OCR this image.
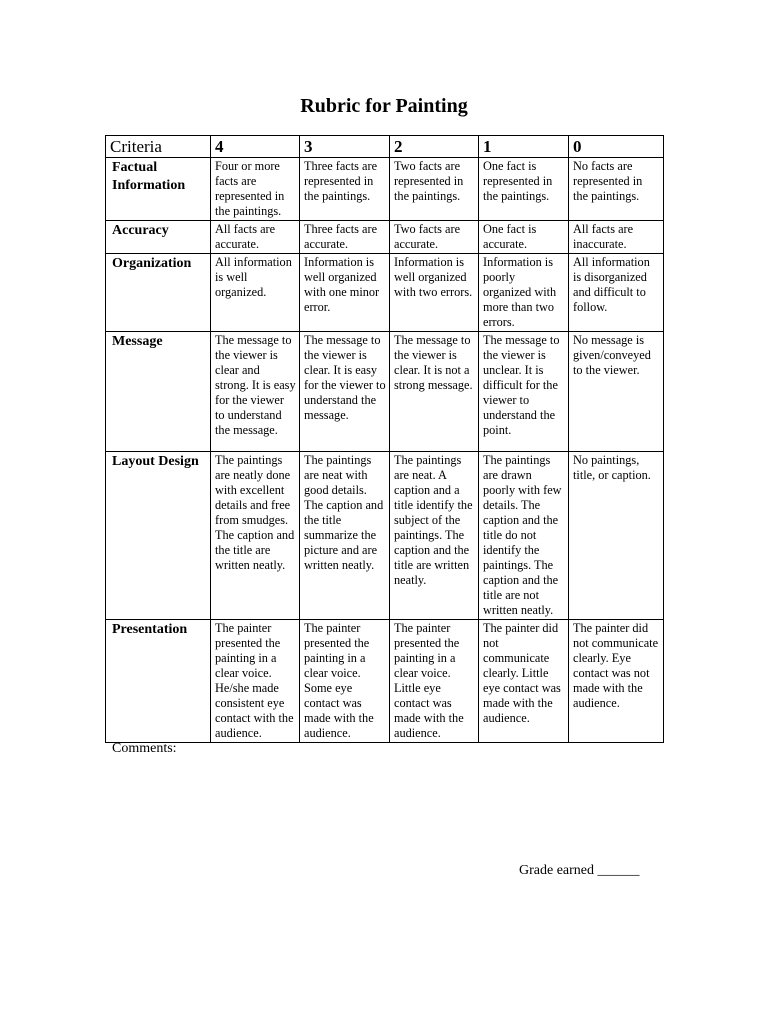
Rubric for Painting
Criteria	4	3	2	1	0
Factual Information	Four or more facts are represented in the paintings.	Three facts are represented in the paintings.	Two facts are represented in the paintings.	One fact is represented in the paintings.	No facts are represented in the paintings.
Accuracy	All facts are accurate.	Three facts are accurate.	Two facts are accurate.	One fact is accurate.	All facts are inaccurate.
Organization	All information is well organized.	Information is well organized with one minor error.	Information is well organized with two errors.	Information is poorly organized with more than two errors.	All information is disorganized and difficult to follow.
Message	The message to the viewer is clear and strong. It is easy for the viewer to understand the message.	The message to the viewer is clear. It is easy for the viewer to understand the message.	The message to the viewer is clear. It is not a strong message.	The message to the viewer is unclear. It is difficult for the viewer to understand the point.	No message is given/conveyed to the viewer.
Layout Design	The paintings are neatly done with excellent details and free from smudges. The caption and the title are written neatly.	The paintings are neat with good details. The caption and the title summarize the picture and are written neatly.	The paintings are neat. A caption and a title identify the subject of the paintings. The caption and the title are written neatly.	The paintings are drawn poorly with few details. The caption and the title do not identify the paintings. The caption and the title are not written neatly.	No paintings, title, or caption.
Presentation	The painter presented the painting in a clear voice. He/she made consistent eye contact with the audience.	The painter presented the painting in a clear voice. Some eye contact was made with the audience.	The painter presented the painting in a clear voice. Little eye contact was made with the audience.	The painter did not communicate clearly. Little eye contact was made with the audience.	The painter did not communicate clearly. Eye contact was not made with the audience.
Comments:
Grade earned ______
